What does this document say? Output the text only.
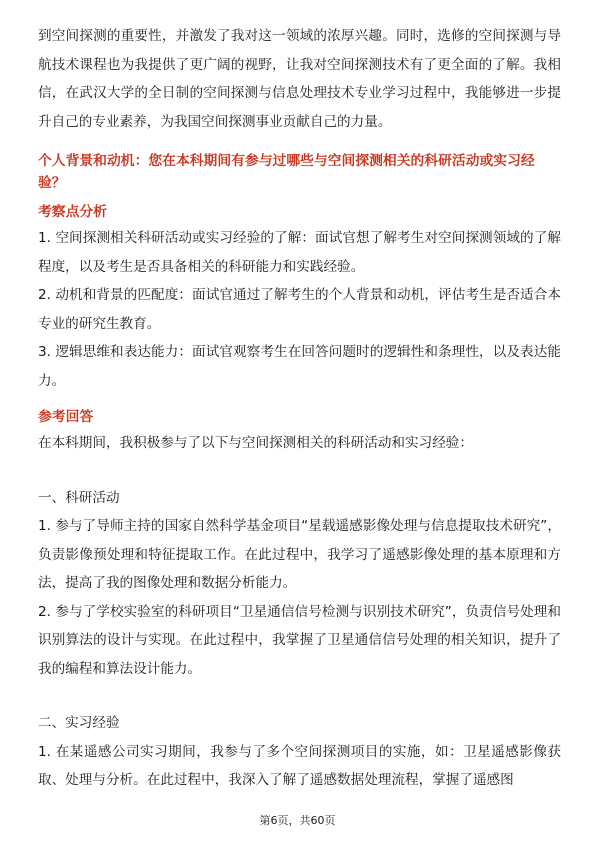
到空间探测的重要性，并激发了我对这一领域的浓厚兴趣。同时，选修的空间探测与导航技术课程也为我提供了更广阔的视野，让我对空间探测技术有了更全面的了解。我相信，在武汉大学的全日制的空间探测与信息处理技术专业学习过程中，我能够进一步提升自己的专业素养，为我国空间探测事业贡献自己的力量。

个人背景和动机：您在本科期间有参与过哪些与空间探测相关的科研活动或实习经验？

考察点分析

1. 空间探测相关科研活动或实习经验的了解：面试官想了解考生对空间探测领域的了解程度，以及考生是否具备相关的科研能力和实践经验。

2. 动机和背景的匹配度：面试官通过了解考生的个人背景和动机，评估考生是否适合本专业的研究生教育。

3. 逻辑思维和表达能力：面试官观察考生在回答问题时的逻辑性和条理性，以及表达能力。

参考回答

在本科期间，我积极参与了以下与空间探测相关的科研活动和实习经验：

一、科研活动

1. 参与了导师主持的国家自然科学基金项目“星载遥感影像处理与信息提取技术研究”，负责影像预处理和特征提取工作。在此过程中，我学习了遥感影像处理的基本原理和方法，提高了我的图像处理和数据分析能力。

2. 参与了学校实验室的科研项目“卫星通信信号检测与识别技术研究”，负责信号处理和识别算法的设计与实现。在此过程中，我掌握了卫星通信信号处理的相关知识，提升了我的编程和算法设计能力。

二、实习经验

1. 在某遥感公司实习期间，我参与了多个空间探测项目的实施，如：卫星遥感影像获取、处理与分析。在此过程中，我深入了解了遥感数据处理流程，掌握了遥感图

第6页，共60页
